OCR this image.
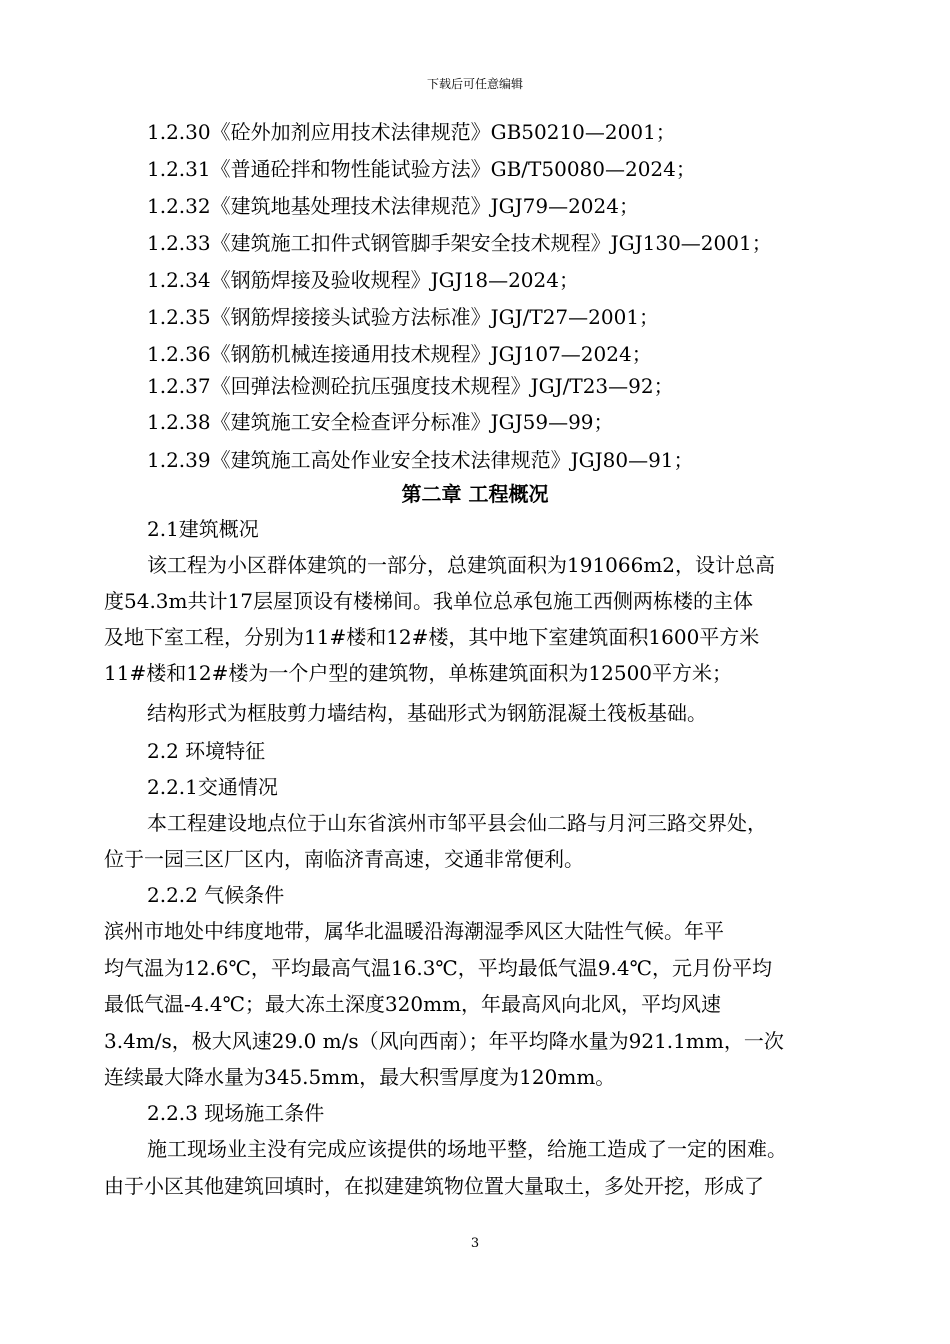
下载后可任意编辑
1.2.30《砼外加剂应用技术法律规范》GB50210—2001；
1.2.31《普通砼拌和物性能试验方法》GB/T50080—2024；
1.2.32《建筑地基处理技术法律规范》JGJ79—2024；
1.2.33《建筑施工扣件式钢管脚手架安全技术规程》JGJ130—2001；
1.2.34《钢筋焊接及验收规程》JGJ18—2024；
1.2.35《钢筋焊接接头试验方法标准》JGJ/T27—2001；
1.2.36《钢筋机械连接通用技术规程》JGJ107—2024；
1.2.37《回弹法检测砼抗压强度技术规程》JGJ/T23—92；
1.2.38《建筑施工安全检查评分标准》JGJ59—99；
1.2.39《建筑施工高处作业安全技术法律规范》JGJ80—91；
第二章 工程概况
2.1建筑概况
该工程为小区群体建筑的一部分，总建筑面积为191066m2，设计总高
度54.3m共计17层屋顶设有楼梯间。我单位总承包施工西侧两栋楼的主体
及地下室工程，分别为11#楼和12#楼，其中地下室建筑面积1600平方米
11#楼和12#楼为一个户型的建筑物，单栋建筑面积为12500平方米；
结构形式为框肢剪力墙结构，基础形式为钢筋混凝土筏板基础。
2.2 环境特征
2.2.1交通情况
本工程建设地点位于山东省滨州市邹平县会仙二路与月河三路交界处，
位于一园三区厂区内，南临济青高速，交通非常便利。
2.2.2 气候条件
滨州市地处中纬度地带，属华北温暖沿海潮湿季风区大陆性气候。年平
均气温为12.6℃，平均最高气温16.3℃，平均最低气温9.4℃，元月份平均
最低气温-4.4℃；最大冻土深度320mm，年最高风向北风，平均风速
3.4m/s，极大风速29.0 m/s（风向西南）；年平均降水量为921.1mm，一次
连续最大降水量为345.5mm，最大积雪厚度为120mm。
2.2.3 现场施工条件
施工现场业主没有完成应该提供的场地平整，给施工造成了一定的困难。
由于小区其他建筑回填时，在拟建建筑物位置大量取土，多处开挖，形成了
3
